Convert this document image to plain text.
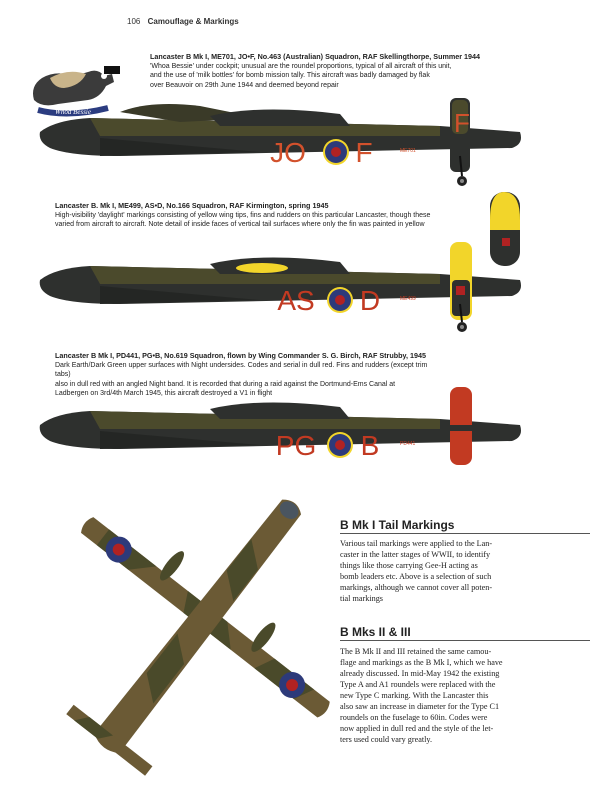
106 Camouflage & Markings
Whoa Bessie
Lancaster B Mk I, ME701, JO•F, No.463 (Australian) Squadron, RAF Skellingthorpe, Summer 1944
'Whoa Bessie' under cockpit; unusual are the roundel proportions, typical of all aircraft of this unit,
and the use of 'milk bottles' for bomb mission tally. This aircraft was badly damaged by flak
over Beauvoir on 29th June 1944 and deemed beyond repair
Lancaster B. Mk I, ME499, AS•D, No.166 Squadron, RAF Kirmington, spring 1945
High-visibility 'daylight' markings consisting of yellow wing tips, fins and rudders on this particular Lancaster, though these
varied from aircraft to aircraft. Note detail of inside faces of vertical tail surfaces where only the fin was painted in yellow
Lancaster B Mk I, PD441, PG•B, No.619 Squadron, flown by Wing Commander S. G. Birch, RAF Strubby, 1945
Dark Earth/Dark Green upper surfaces with Night undersides. Codes and serial in dull red. Fins and rudders (except trim tabs)
also in dull red with an angled Night band. It is recorded that during a raid against the Dortmund-Ems Canal at
Ladbergen on 3rd/4th March 1945, this aircraft destroyed a V1 in flight
JO F
F
ME701
AS D	ME499
PG B	PD441
B Mk I Tail Markings
Various tail markings were applied to the Lan-
caster in the latter stages of WWII, to identify
things like those carrying Gee-H acting as
bomb leaders etc. Above is a selection of such
markings, although we cannot cover all poten-
tial markings
B Mks II & III
The B Mk II and III retained the same camou-
flage and markings as the B Mk I, which we have
already discussed. In mid-May 1942 the existing
Type A and A1 roundels were replaced with the
new Type C marking. With the Lancaster this
also saw an increase in diameter for the Type C1
roundels on the fuselage to 60in. Codes were
now applied in dull red and the style of the let-
ters used could vary greatly.
